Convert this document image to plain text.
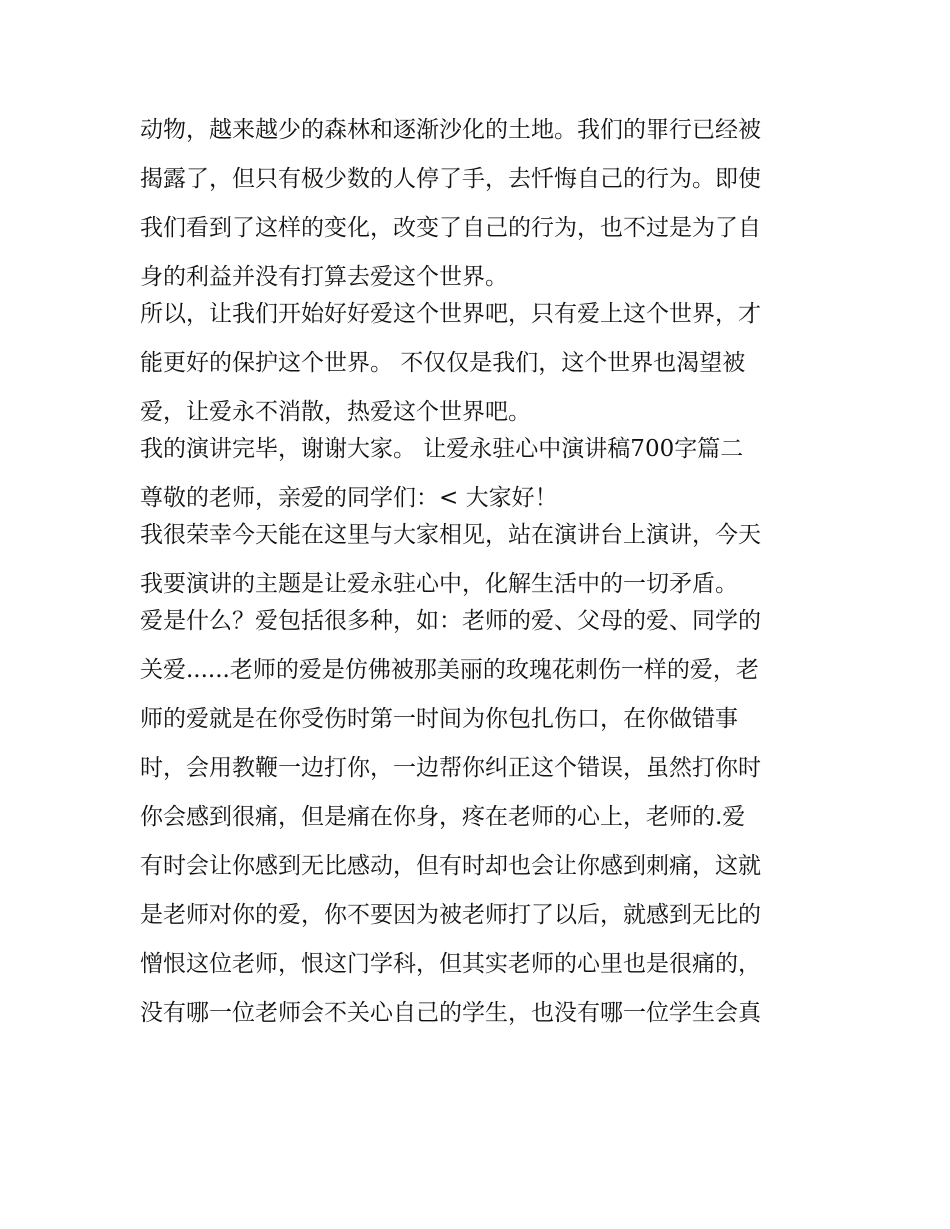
动物，越来越少的森林和逐渐沙化的土地。我们的罪行已经被
揭露了，但只有极少数的人停了手，去忏悔自己的行为。即使
我们看到了这样的变化，改变了自己的行为，也不过是为了自
身的利益并没有打算去爱这个世界。
所以，让我们开始好好爱这个世界吧，只有爱上这个世界，才
能更好的保护这个世界。 不仅仅是我们，这个世界也渴望被
爱，让爱永不消散，热爱这个世界吧。
我的演讲完毕，谢谢大家。 让爱永驻心中演讲稿700字篇二
尊敬的老师，亲爱的同学们：< 大家好！
我很荣幸今天能在这里与大家相见，站在演讲台上演讲，今天
我要演讲的主题是让爱永驻心中，化解生活中的一切矛盾。
爱是什么？爱包括很多种，如：老师的爱、父母的爱、同学的
关爱......老师的爱是仿佛被那美丽的玫瑰花刺伤一样的爱，老
师的爱就是在你受伤时第一时间为你包扎伤口，在你做错事
时，会用教鞭一边打你，一边帮你纠正这个错误，虽然打你时
你会感到很痛，但是痛在你身，疼在老师的心上，老师的.爱
有时会让你感到无比感动，但有时却也会让你感到刺痛，这就
是老师对你的爱，你不要因为被老师打了以后，就感到无比的
憎恨这位老师，恨这门学科，但其实老师的心里也是很痛的，
没有哪一位老师会不关心自己的学生，也没有哪一位学生会真
